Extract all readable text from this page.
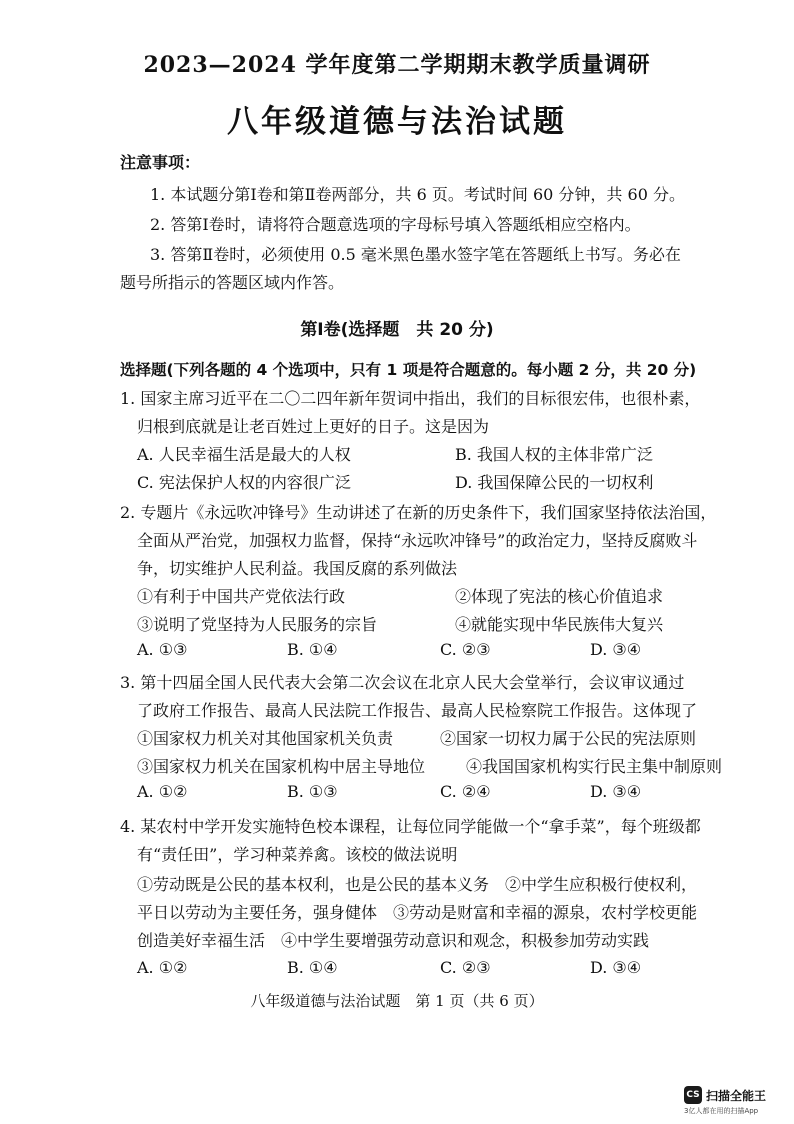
2023—2024 学年度第二学期期末教学质量调研
八年级道德与法治试题
注意事项：
1. 本试题分第Ⅰ卷和第Ⅱ卷两部分，共 6 页。考试时间 60 分钟，共 60 分。
2. 答第Ⅰ卷时，请将符合题意选项的字母标号填入答题纸相应空格内。
3. 答第Ⅱ卷时，必须使用 0.5 毫米黑色墨水签字笔在答题纸上书写。务必在
题号所指示的答题区域内作答。
第Ⅰ卷(选择题　共 20 分)
选择题(下列各题的 4 个选项中，只有 1 项是符合题意的。每小题 2 分，共 20 分)
1. 国家主席习近平在二〇二四年新年贺词中指出，我们的目标很宏伟，也很朴素，
归根到底就是让老百姓过上更好的日子。这是因为
A. 人民幸福生活是最大的人权	B. 我国人权的主体非常广泛
C. 宪法保护人权的内容很广泛	D. 我国保障公民的一切权利
2. 专题片《永远吹冲锋号》生动讲述了在新的历史条件下，我们国家坚持依法治国，
全面从严治党，加强权力监督，保持“永远吹冲锋号”的政治定力，坚持反腐败斗
争，切实维护人民利益。我国反腐的系列做法
①有利于中国共产党依法行政	②体现了宪法的核心价值追求
③说明了党坚持为人民服务的宗旨	④就能实现中华民族伟大复兴
A. ①③	B. ①④	C. ②③	D. ③④
3. 第十四届全国人民代表大会第二次会议在北京人民大会堂举行，会议审议通过
了政府工作报告、最高人民法院工作报告、最高人民检察院工作报告。这体现了
①国家权力机关对其他国家机关负责	②国家一切权力属于公民的宪法原则
③国家权力机关在国家机构中居主导地位	④我国国家机构实行民主集中制原则
A. ①②	B. ①③	C. ②④	D. ③④
4. 某农村中学开发实施特色校本课程，让每位同学能做一个“拿手菜”，每个班级都
有“责任田”，学习种菜养禽。该校的做法说明
①劳动既是公民的基本权利，也是公民的基本义务　②中学生应积极行使权利，
平日以劳动为主要任务，强身健体　③劳动是财富和幸福的源泉，农村学校更能
创造美好幸福生活　④中学生要增强劳动意识和观念，积极参加劳动实践
A. ①②	B. ①④	C. ②③	D. ③④
八年级道德与法治试题　第 1 页（共 6 页）
CS 扫描全能王
3亿人都在用的扫描App
